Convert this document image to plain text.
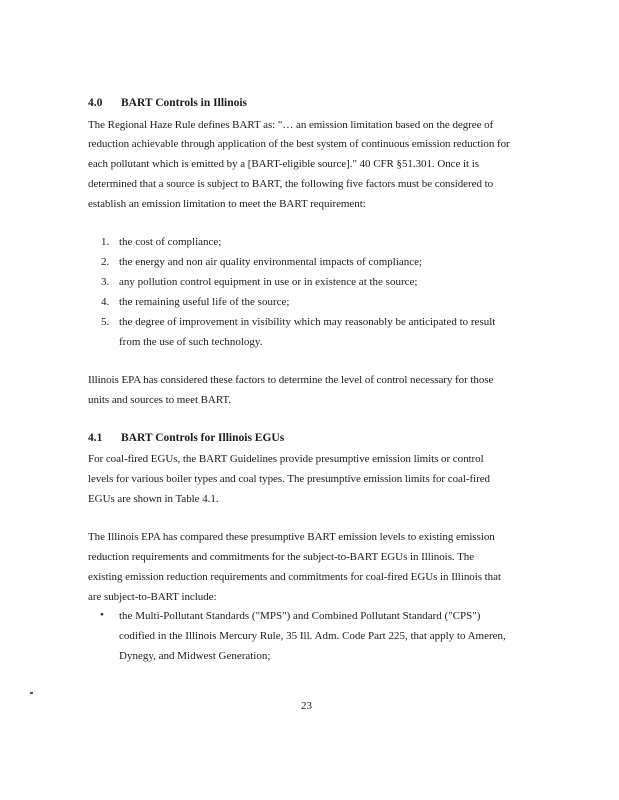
4.0 BART Controls in Illinois
The Regional Haze Rule defines BART as: "… an emission limitation based on the degree of
reduction achievable through application of the best system of continuous emission reduction for
each pollutant which is emitted by a [BART-eligible source]." 40 CFR §51.301. Once it is
determined that a source is subject to BART, the following five factors must be considered to
establish an emission limitation to meet the BART requirement:
1. the cost of compliance;
2. the energy and non air quality environmental impacts of compliance;
3. any pollution control equipment in use or in existence at the source;
4. the remaining useful life of the source;
5. the degree of improvement in visibility which may reasonably be anticipated to result
from the use of such technology.
Illinois EPA has considered these factors to determine the level of control necessary for those
units and sources to meet BART.
4.1 BART Controls for Illinois EGUs
For coal-fired EGUs, the BART Guidelines provide presumptive emission limits or control
levels for various boiler types and coal types. The presumptive emission limits for coal-fired
EGUs are shown in Table 4.1.
The Illinois EPA has compared these presumptive BART emission levels to existing emission
reduction requirements and commitments for the subject-to-BART EGUs in Illinois. The
existing emission reduction requirements and commitments for coal-fired EGUs in Illinois that
are subject-to-BART include:
• the Multi-Pollutant Standards ("MPS") and Combined Pollutant Standard ("CPS")
codified in the Illinois Mercury Rule, 35 Ill. Adm. Code Part 225, that apply to Ameren,
Dynegy, and Midwest Generation;
23
